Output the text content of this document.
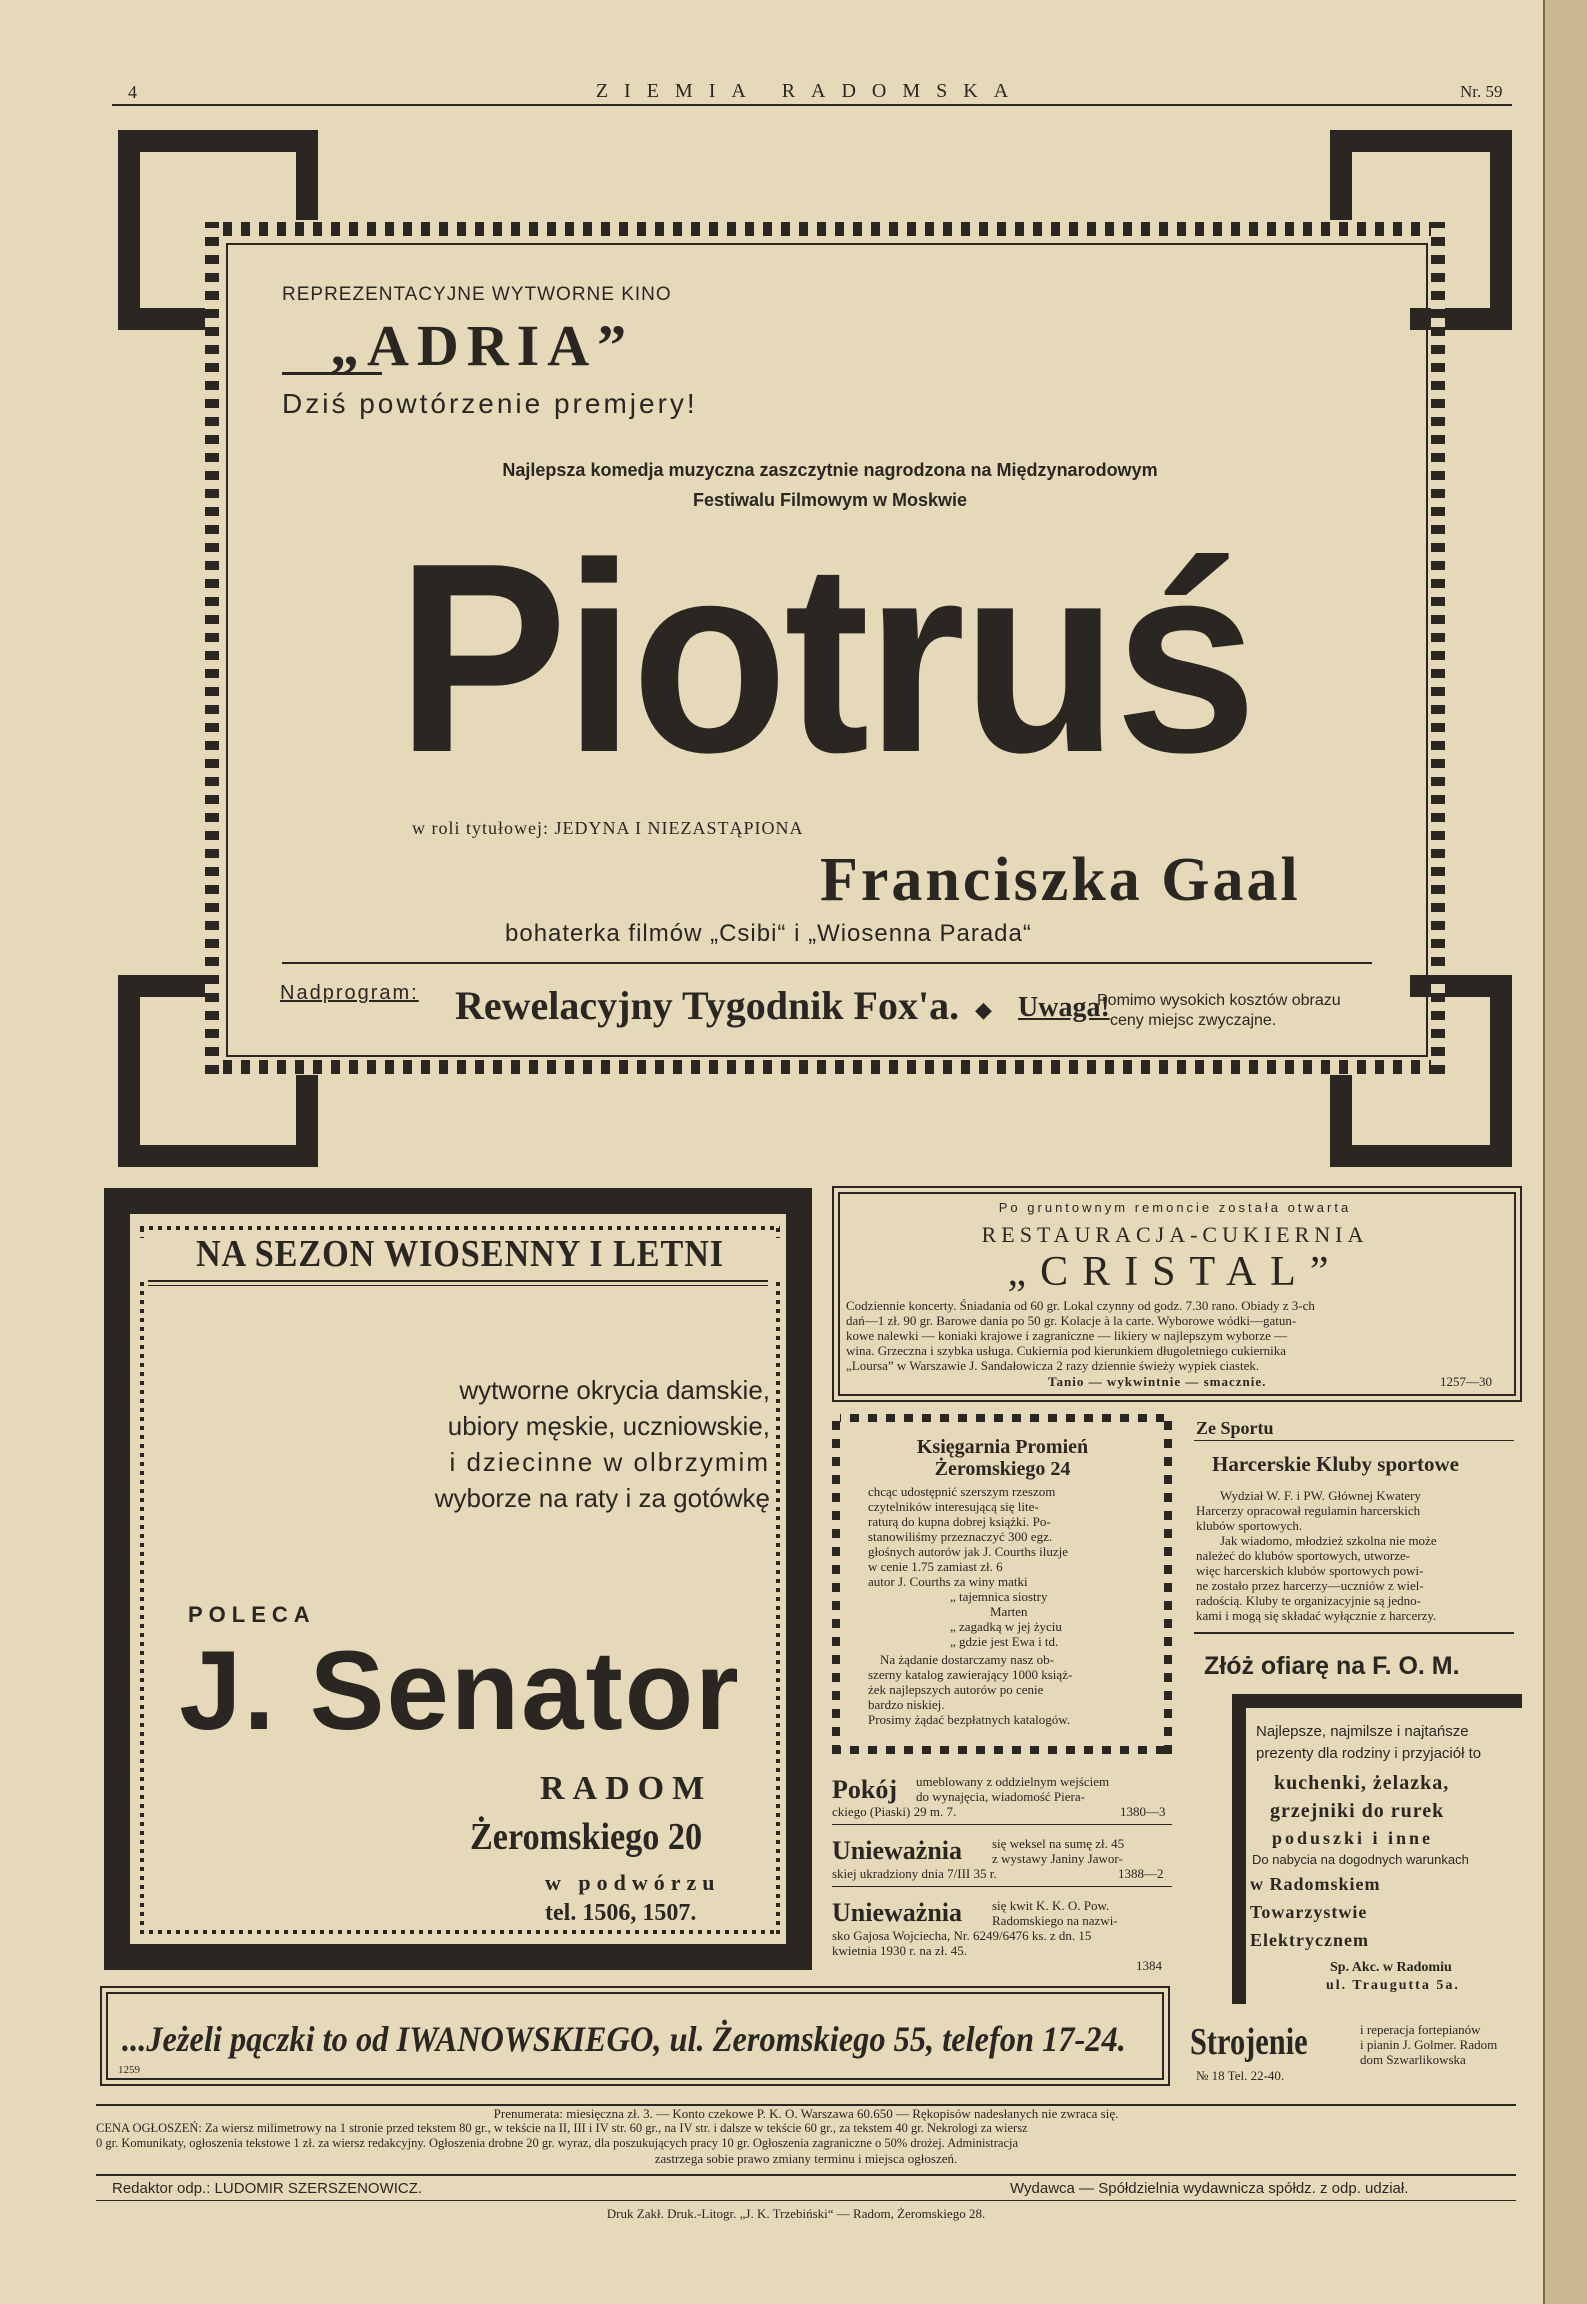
4	ZIEMIA RADOMSKA	Nr. 59
REPREZENTACYJNE WYTWORNE KINO
„ADRIA”
Dziś powtórzenie premjery!
Najlepsza komedja muzyczna zaszczytnie nagrodzona na Międzynarodowym
Festiwalu Filmowym w Moskwie
Piotruś
w roli tytułowej: JEDYNA I NIEZASTĄPIONA
Franciszka Gaal
bohaterka filmów „Csibi“ i „Wiosenna Parada“
Nadprogram: Rewelacyjny Tygodnik Fox'a. ◆ Uwaga!
Pomimo wysokich kosztów obrazu
ceny miejsc zwyczajne.
NA SEZON WIOSENNY I LETNI
wytworne okrycia damskie,
ubiory męskie, uczniowskie,
i dziecinne w olbrzymim
wyborze na raty i za gotówkę
POLECA
J. Senator
RADOM
Żeromskiego 20
w podwórzu
tel. 1506, 1507.
Po gruntownym remoncie została otwarta
RESTAURACJA-CUKIERNIA
„CRISTAL”
Codziennie koncerty. Śniadania od 60 gr. Lokal czynny od godz. 7.30 rano. Obiady z 3-ch
dań—1 zł. 90 gr. Barowe dania po 50 gr. Kolacje à la carte. Wyborowe wódki—gatun-
kowe nalewki — koniaki krajowe i zagraniczne — likiery w najlepszym wyborze —
wina. Grzeczna i szybka usługa. Cukiernia pod kierunkiem długoletniego cukiernika
„Loursa” w Warszawie J. Sandałowicza 2 razy dziennie świeży wypiek ciastek.
Tanio — wykwintnie — smacznie.	1257—30
Księgarnia Promień
Żeromskiego 24
chcąc udostępnić szerszym rzeszom
czytelników interesującą się lite-
raturą do kupna dobrej książki. Po-
stanowiliśmy przeznaczyć 300 egz.
głośnych autorów jak J. Courths iluzje
w cenie 1.75 zamiast zł. 6
autor J. Courths za winy matki
„ tajemnica siostry
Marten
„ zagadką w jej życiu
„ gdzie jest Ewa i td.
Na żądanie dostarczamy nasz ob-
szerny katalog zawierający 1000 książ-
żek najlepszych autorów po cenie
bardzo niskiej.
Prosimy żądać bezpłatnych katalogów.
Pokój umeblowany z oddzielnym wejściem
do wynajęcia, wiadomość Piera-
ckiego (Piaski) 29 m. 7.	1380—3
Unieważnia się weksel na sumę zł. 45
z wystawy Janiny Jawor-
skiej ukradziony dnia 7/III 35 r.	1388—2
Unieważnia się kwit K. K. O. Pow.
Radomskiego na nazwi-
sko Gajosa Wojciecha, Nr. 6249/6476 ks. z dn. 15 kwietnia 1930 r. na zł. 45.
1384
Ze Sportu
Harcerskie Kluby sportowe
Wydział W. F. i PW. Głównej Kwatery
Harcerzy opracował regulamin harcerskich
klubów sportowych.
Jak wiadomo, młodzież szkolna nie może
należeć do klubów sportowych, utworze-
więc harcerskich klubów sportowych powi-
ne zostało przez harcerzy—uczniów z wiel-
radością. Kluby te organizacyjnie są jedno-
kami i mogą się składać wyłącznie z harcerzy.
Złóż ofiarę na F. O. M.
Najlepsze, najmilsze i najtańsze
prezenty dla rodziny i przyjaciół to
kuchenki, żelazka,
grzejniki do rurek
poduszki i inne
Do nabycia na dogodnych warunkach
w Radomskiem
Towarzystwie
Elektrycznem
Sp. Akc. w Radomiu
ul. Traugutta 5a.
...Jeżeli pączki to od IWANOWSKIEGO, ul. Żeromskiego 55, telefon 17-24.
1259
Strojenie	i reperacja fortepianów
i pianin J. Golmer. Radom
dom Szwarlikowska
№ 18 Tel. 22-40.
Prenumerata: miesięczna zł. 3. — Konto czekowe P. K. O. Warszawa 60.650 — Rękopisów nadesłanych nie zwraca się.
CENA OGŁOSZEŃ: Za wiersz milimetrowy na 1 stronie przed tekstem 80 gr., w tekście na II, III i IV str. 60 gr., na IV str. i dalsze w tekście 60 gr., za tekstem 40 gr. Nekrologi za wiersz
0 gr. Komunikaty, ogłoszenia tekstowe 1 zł. za wiersz redakcyjny. Ogłoszenia drobne 20 gr. wyraz, dla poszukujących pracy 10 gr. Ogłoszenia zagraniczne o 50% drożej. Administracja
zastrzega sobie prawo zmiany terminu i miejsca ogłoszeń.
Redaktor odp.: LUDOMIR SZERSZENOWICZ.	Wydawca — Spółdzielnia wydawnicza spółdz. z odp. udział.
Druk Zakł. Druk.-Litogr. „J. K. Trzebiński“ — Radom, Żeromskiego 28.
